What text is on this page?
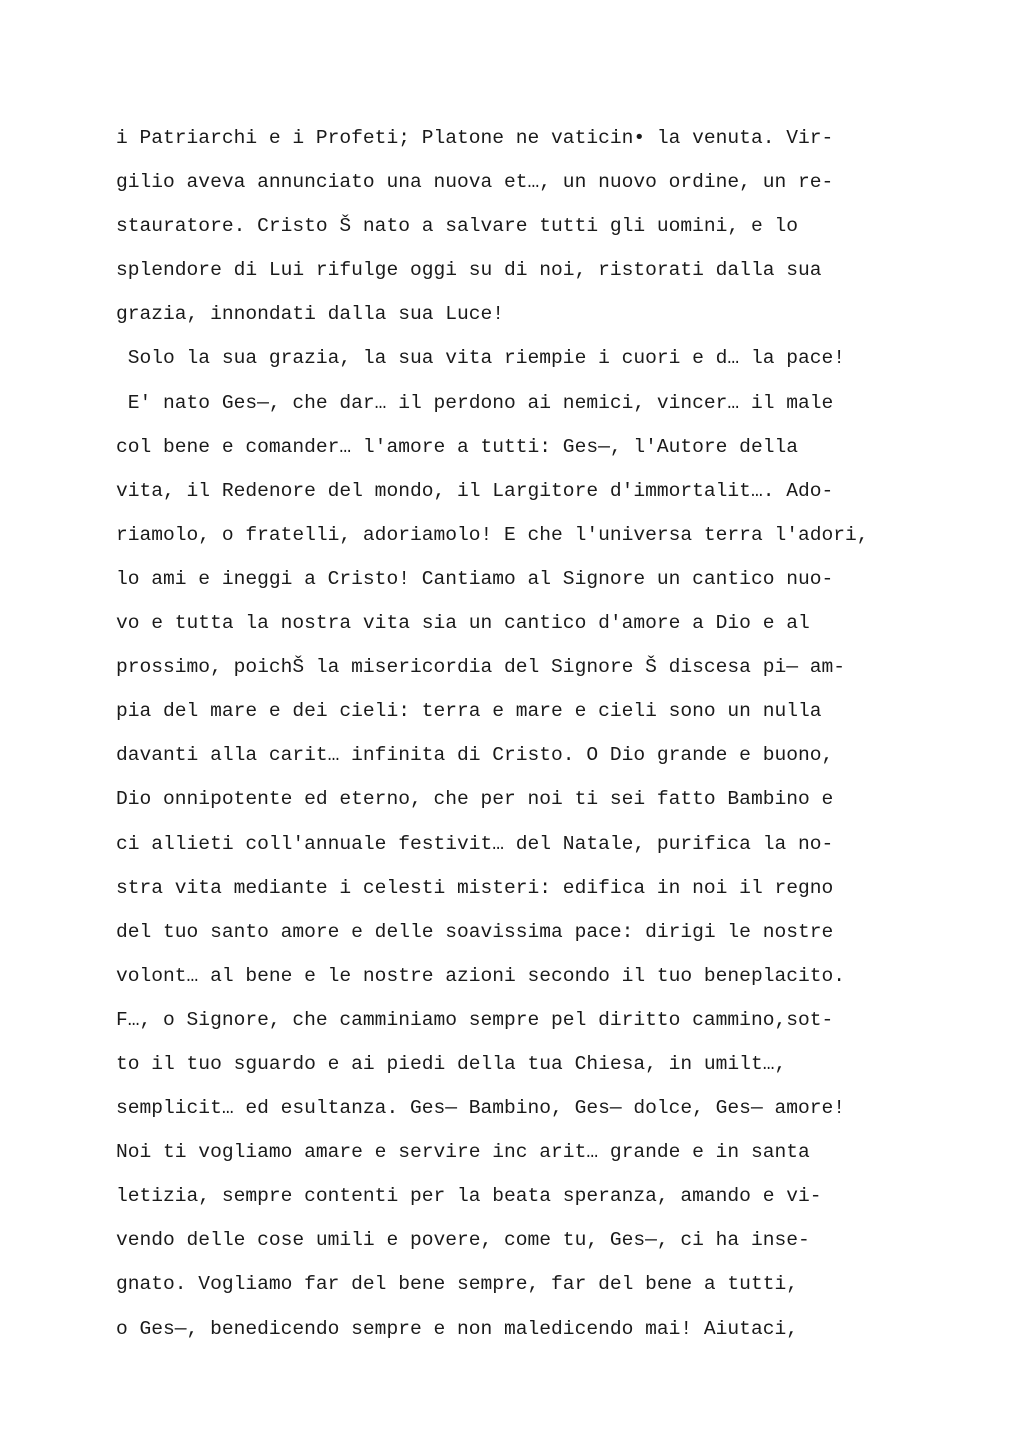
i Patriarchi e i Profeti; Platone ne vaticin• la venuta. Vir-
gilio aveva annunciato una nuova et…, un nuovo ordine, un re-
stauratore. Cristo Š nato a salvare tutti gli uomini, e lo
splendore di Lui rifulge oggi su di noi, ristorati dalla sua
grazia, innondati dalla sua Luce!
Solo la sua grazia, la sua vita riempie i cuori e d… la pace!
E' nato Ges—, che dar… il perdono ai nemici, vincer… il male
col bene e comander… l'amore a tutti: Ges—, l'Autore della
vita, il Redenore del mondo, il Largitore d'immortalit…. Ado-
riamolo, o fratelli, adoriamolo! E che l'universa terra l'adori,
lo ami e ineggi a Cristo! Cantiamo al Signore un cantico nuo-
vo e tutta la nostra vita sia un cantico d'amore a Dio e al
prossimo, poichŠ la misericordia del Signore Š discesa pi— am-
pia del mare e dei cieli: terra e mare e cieli sono un nulla
davanti alla carit… infinita di Cristo. O Dio grande e buono,
Dio onnipotente ed eterno, che per noi ti sei fatto Bambino e
ci allieti coll'annuale festivit… del Natale, purifica la no-
stra vita mediante i celesti misteri: edifica in noi il regno
del tuo santo amore e delle soavissima pace: dirigi le nostre
volont… al bene e le nostre azioni secondo il tuo beneplacito.
F…, o Signore, che camminiamo sempre pel diritto cammino,sot-
to il tuo sguardo e ai piedi della tua Chiesa, in umilt…,
semplicit… ed esultanza. Ges— Bambino, Ges— dolce, Ges— amore!
Noi ti vogliamo amare e servire inc arit… grande e in santa
letizia, sempre contenti per la beata speranza, amando e vi-
vendo delle cose umili e povere, come tu, Ges—, ci ha inse-
gnato. Vogliamo far del bene sempre, far del bene a tutti,
o Ges—, benedicendo sempre e non maledicendo mai! Aiutaci,
